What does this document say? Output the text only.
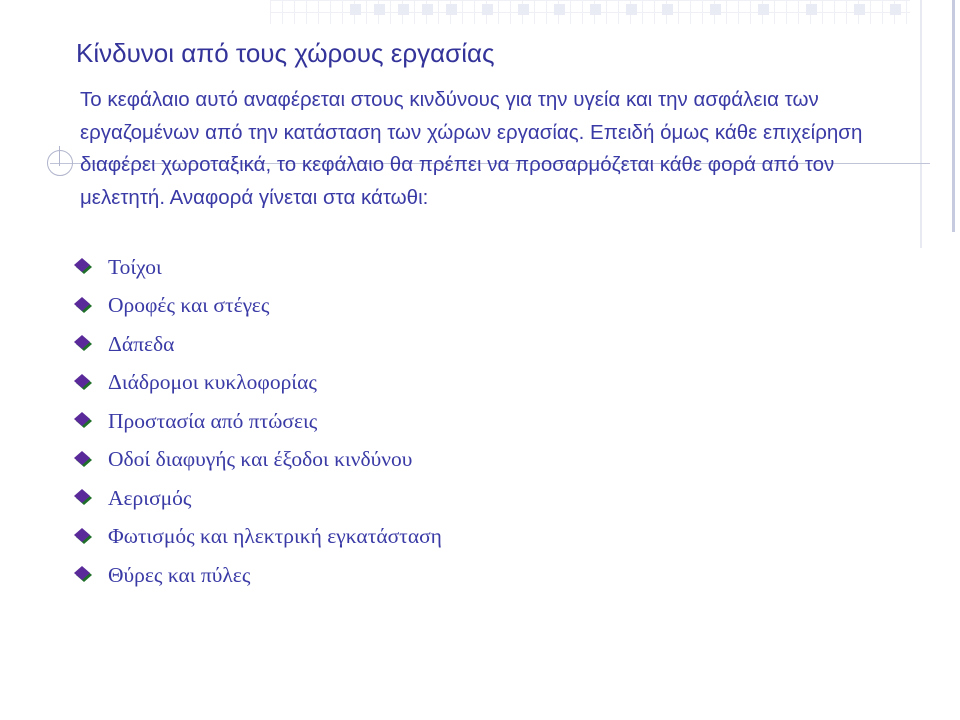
Κίνδυνοι από τους χώρους εργασίας

Το κεφάλαιο αυτό αναφέρεται στους κινδύνους για την υγεία και την ασφάλεια των εργαζομένων από την κατάσταση των χώρων εργασίας. Επειδή όμως κάθε επιχείρηση διαφέρει χωροταξικά, το κεφάλαιο θα πρέπει να προσαρμόζεται κάθε φορά από τον μελετητή. Αναφορά γίνεται στα κάτωθι:

Τοίχοι
Οροφές και στέγες
Δάπεδα
Διάδρομοι κυκλοφορίας
Προστασία από πτώσεις
Οδοί διαφυγής και έξοδοι κινδύνου
Αερισμός
Φωτισμός και ηλεκτρική εγκατάσταση
Θύρες και πύλες
